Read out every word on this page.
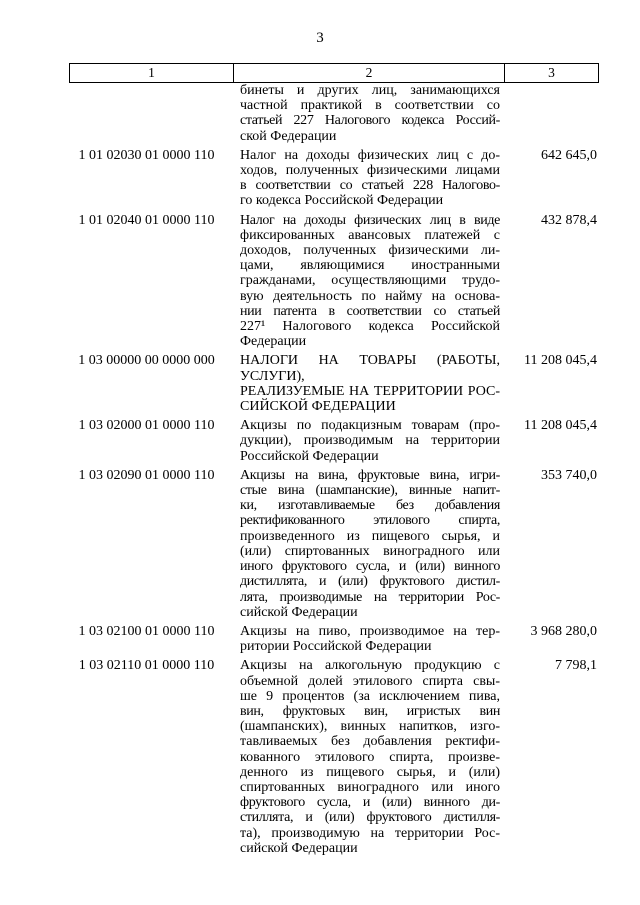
3
1	2	3
бинеты и других лиц, занимающихся
частной практикой в соответствии со
статьей 227 Налогового кодекса Россий-
ской Федерации
1 01 02030 01 0000 110	Налог на доходы физических лиц с до-
ходов, полученных физическими лицами
в соответствии со статьей 228 Налогово-
го кодекса Российской Федерации
642 645,0
1 01 02040 01 0000 110	Налог на доходы физических лиц в виде
фиксированных авансовых платежей с
доходов, полученных физическими ли-
цами, являющимися иностранными
гражданами, осуществляющими трудо-
вую деятельность по найму на основа-
нии патента в соответствии со статьей
227¹ Налогового кодекса Российской
Федерации
432 878,4
1 03 00000 00 0000 000	НАЛОГИ НА ТОВАРЫ (РАБОТЫ, УСЛУГИ),
РЕАЛИЗУЕМЫЕ НА ТЕРРИТОРИИ РОС-
СИЙСКОЙ ФЕДЕРАЦИИ
11 208 045,4
1 03 02000 01 0000 110	Акцизы по подакцизным товарам (про-
дукции), производимым на территории
Российской Федерации
11 208 045,4
1 03 02090 01 0000 110	Акцизы на вина, фруктовые вина, игри-
стые вина (шампанские), винные напит-
ки, изготавливаемые без добавления
ректификованного этилового спирта,
произведенного из пищевого сырья, и
(или) спиртованных виноградного или
иного фруктового сусла, и (или) винного
дистиллята, и (или) фруктового дистил-
лята, производимые на территории Рос-
сийской Федерации
353 740,0
1 03 02100 01 0000 110	Акцизы на пиво, производимое на тер-
ритории Российской Федерации
3 968 280,0
1 03 02110 01 0000 110	Акцизы на алкогольную продукцию с
объемной долей этилового спирта свы-
ше 9 процентов (за исключением пива,
вин, фруктовых вин, игристых вин
(шампанских), винных напитков, изго-
тавливаемых без добавления ректифи-
кованного этилового спирта, произве-
денного из пищевого сырья, и (или)
спиртованных виноградного или иного
фруктового сусла, и (или) винного ди-
стиллята, и (или) фруктового дистилля-
та), производимую на территории Рос-
сийской Федерации
7 798,1
